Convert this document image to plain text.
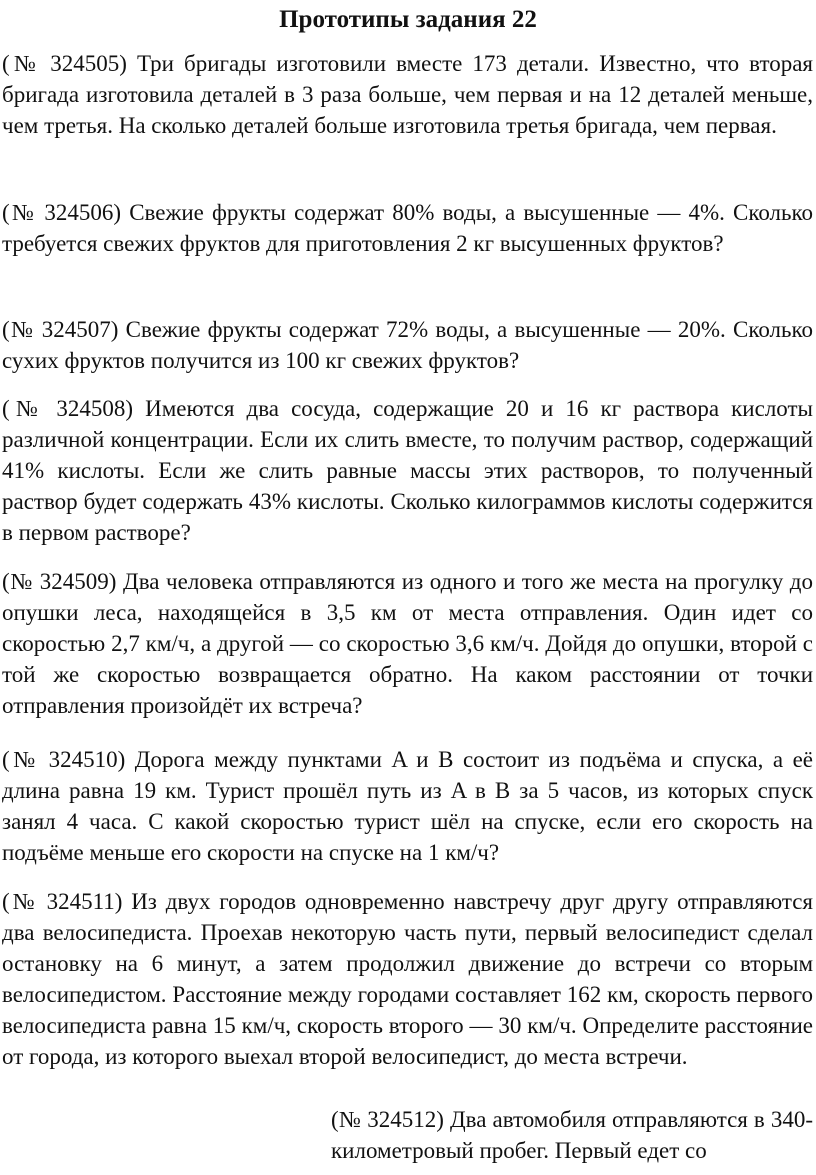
Прототипы задания 22

(№ 324505) Три бригады изготовили вместе 173 детали. Известно, что вторая бригада изготовила деталей в 3 раза больше, чем первая и на 12 деталей меньше, чем третья. На сколько деталей больше изготовила третья бригада, чем первая.

(№ 324506) Свежие фрукты содержат 80% воды, а высушенные — 4%. Сколько требуется свежих фруктов для приготовления 2 кг высушенных фруктов?

(№ 324507) Свежие фрукты содержат 72% воды, а высушенные — 20%. Сколько сухих фруктов получится из 100 кг свежих фруктов?

(№ 324508) Имеются два сосуда, содержащие 20 и 16 кг раствора кислоты различной концентрации. Если их слить вместе, то получим раствор, содержащий 41% кислоты. Если же слить равные массы этих растворов, то полученный раствор будет содержать 43% кислоты. Сколько килограммов кислоты содержится в первом растворе?

(№ 324509) Два человека отправляются из одного и того же места на прогулку до опушки леса, находящейся в 3,5 км от места отправления. Один идет со скоростью 2,7 км/ч, а другой — со скоростью 3,6 км/ч. Дойдя до опушки, второй с той же скоростью возвращается обратно. На каком расстоянии от точки отправления произойдёт их встреча?

(№ 324510) Дорога между пунктами A и B состоит из подъёма и спуска, а её длина равна 19 км. Турист прошёл путь из A в B за 5 часов, из которых спуск занял 4 часа. С какой скоростью турист шёл на спуске, если его скорость на подъёме меньше его скорости на спуске на 1 км/ч?

(№ 324511) Из двух городов одновременно навстречу друг другу отправляются два велосипедиста. Проехав некоторую часть пути, первый велосипедист сделал остановку на 6 минут, а затем продолжил движение до встречи со вторым велосипедистом. Расстояние между городами составляет 162 км, скорость первого велосипедиста равна 15 км/ч, скорость второго — 30 км/ч. Определите расстояние от города, из которого выехал второй велосипедист, до места встречи.

(№ 324512) Два автомобиля отправляются в 340-километровый пробег. Первый едет со
